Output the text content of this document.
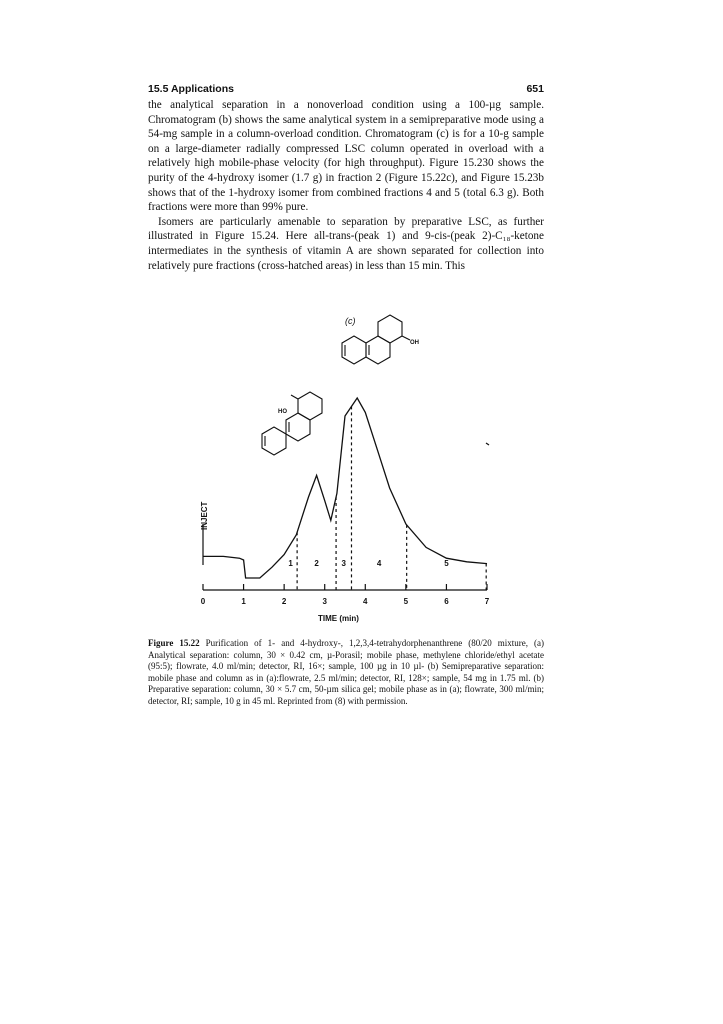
15.5 Applications	651

the analytical separation in a nonoverload condition using a 100-µg sample. Chromatogram (b) shows the same analytical system in a semipreparative mode using a 54-mg sample in a column-overload condition. Chromatogram (c) is for a 10-g sample on a large-diameter radially compressed LSC column operated in overload with a relatively high mobile-phase velocity (for high throughput). Figure 15.230 shows the purity of the 4-hydroxy isomer (1.7 g) in fraction 2 (Figure 15.22c), and Figure 15.23b shows that of the 1-hydroxy isomer from combined fractions 4 and 5 (total 6.3 g). Both fractions were more than 99% pure.

Isomers are particularly amenable to separation by preparative LSC, as further illustrated in Figure 15.24. Here all-trans-(peak 1) and 9-cis-(peak 2)-C₁₈-ketone intermediates in the synthesis of vitamin A are shown separated for collection into relatively pure fractions (cross-hatched areas) in less than 15 min. This

(c)
OH
HO
INJECT
0	1	2	3	4	5	6	7
1	2	3	4	5
TIME (min)
Figure 15.22 Purification of 1- and 4-hydroxy-, 1,2,3,4-tetrahydorphenanthrene (80/20 mixture, (a) Analytical separation: column, 30 × 0.42 cm, µ-Porasil; mobile phase, methylene chloride/ethyl acetate (95:5); flowrate, 4.0 ml/min; detector, RI, 16×; sample, 100 µg in 10 µl- (b) Semipreparative separation: mobile phase and column as in (a):flowrate, 2.5 ml/min; detector, RI, 128×; sample, 54 mg in 1.75 ml. (b) Preparative separation: column, 30 × 5.7 cm, 50-µm silica gel; mobile phase as in (a); flowrate, 300 ml/min; detector, RI; sample, 10 g in 45 ml. Reprinted from (8) with permission.
